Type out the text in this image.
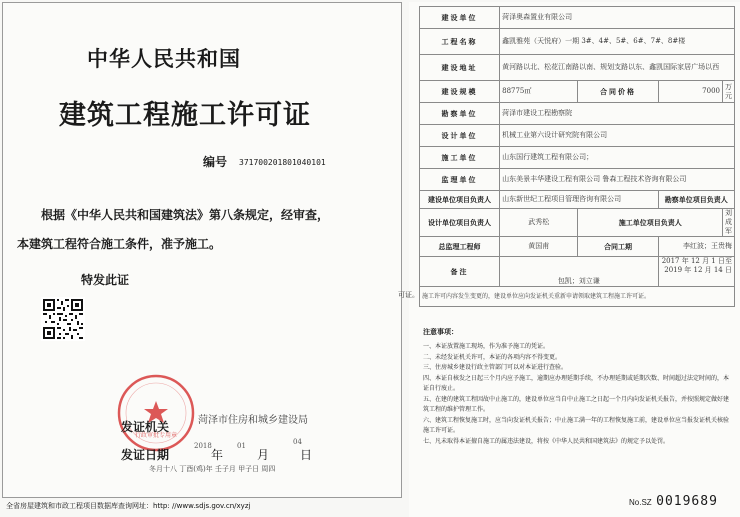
中华人民共和国
建筑工程施工许可证
编号 371700201801040101
根据《中华人民共和国建筑法》第八条规定，经审查，
本建筑工程符合施工条件，准予施工。
特发此证
行政审批专用章
发证机关	菏泽市住房和城乡建设局
发证日期
2018
年
01
月
04
日
冬月十八 丁酉(鸡)年 壬子月 甲子日 周四
全省房屋建筑和市政工程项目数据库查询网址：http: //www.sdjs.gov.cn/xyzj
建设单位	菏泽奥森置业有限公司			
工程名称	鑫凯雅苑（天悦府）一期 3#、4#、5#、6#、7#、8#楼			
建设地址	黄河路以北、松花江南路以南、规划支路以东、鑫凯国际家居广场以西			
建设规模	88775㎡	合同价格	7000	万元
勘察单位	菏泽市建设工程勘察院			
设计单位	机械工业第六设计研究院有限公司			
施工单位	山东国行建筑工程有限公司；			
监理单位	山东美景丰华建设工程有限公司 鲁森工程技术咨询有限公司			
建设单位项目负责人	山东新世纪工程项目管理咨询有限公司		勘察单位项目负责人	
设计单位项目负责人	武秀松	施工单位项目负责人		刘成军
总监理工程师	黄国甫	合同工期	李红波；王贵梅	
备注	包凯；刘立谦		2017 年 12 月 1 日至
2019 年 12 月 14 日	

施工许可内容发生变更的，建设单位应向发证机关重新申请领取建筑工程施工许可证。				
注意事项：
一、本证放置施工现场，作为准予施工的凭证。
二、未经发证机关许可，本证的各项内容不得变更。
三、住房城乡建设行政主管部门可以对本证进行查验。
四、本证自核发之日起三个月内应予施工，逾期应办理延期手续，不办理延期或延期次数、时间超过法定时间的，本证自行废止。
五、在建的建筑工程因故中止施工的，建设单位应当自中止施工之日起一个月内向发证机关报告，并按照规定做好建筑工程的维护管理工作。
六、建筑工程恢复施工时，应当向发证机关报告；中止施工满一年的工程恢复施工前，建设单位应当报发证机关核验施工许可证。
七、凡未取得本证擅自施工的属违法建设，将按《中华人民共和国建筑法》的规定予以处罚。
No.SZ 0019689
可证。
